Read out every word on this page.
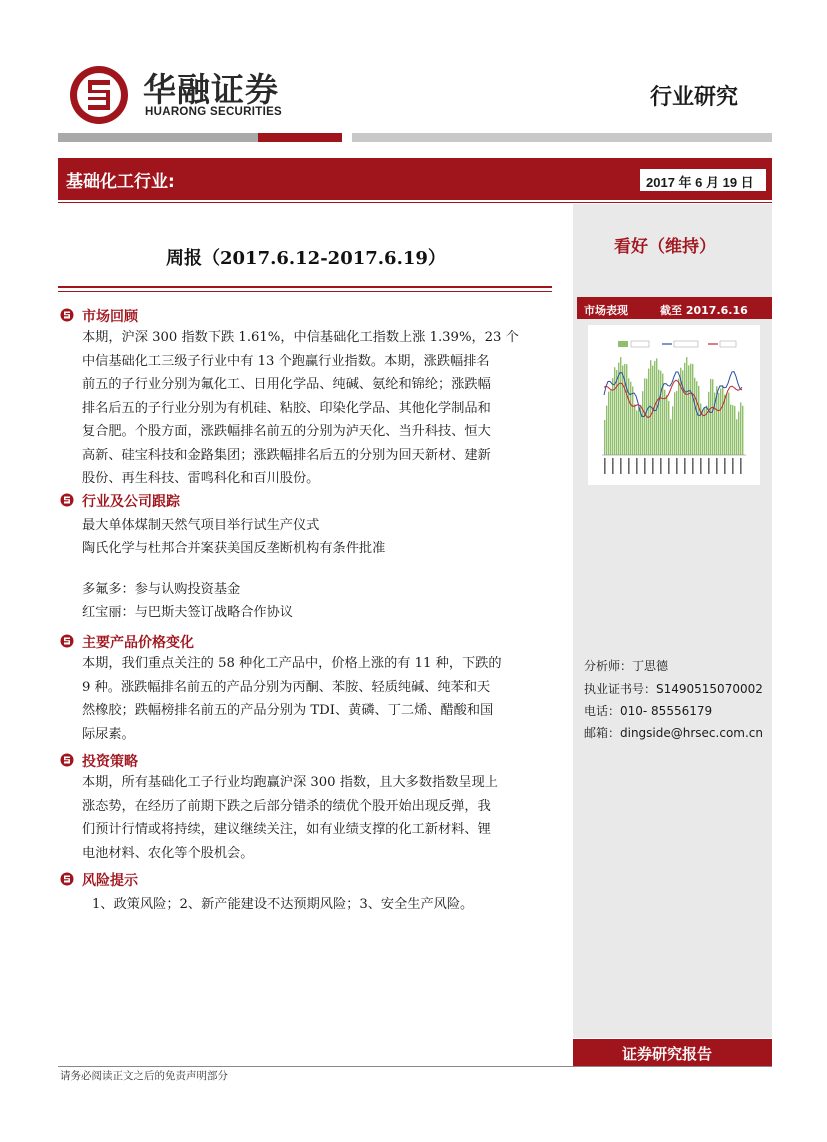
华融证券
HUARONG SECURITIES
行业研究
基础化工行业:	2017 年 6 月 19 日
看好（维持）
市场表现	截至 2017.6.16
分析师：丁思德
执业证书号：S1490515070002
电话：010- 85556179
邮箱：dingside@hrsec.com.cn
证券研究报告
周报（2017.6.12-2017.6.19）
市场回顾
本期，沪深 300 指数下跌 1.61%，中信基础化工指数上涨 1.39%，23 个
中信基础化工三级子行业中有 13 个跑赢行业指数。本期，涨跌幅排名
前五的子行业分别为氟化工、日用化学品、纯碱、氨纶和锦纶；涨跌幅
排名后五的子行业分别为有机硅、粘胶、印染化学品、其他化学制品和
复合肥。个股方面，涨跌幅排名前五的分别为泸天化、当升科技、恒大
高新、硅宝科技和金路集团；涨跌幅排名后五的分别为回天新材、建新
股份、再生科技、雷鸣科化和百川股份。
行业及公司跟踪
最大单体煤制天然气项目举行试生产仪式
陶氏化学与杜邦合并案获美国反垄断机构有条件批准
多氟多：参与认购投资基金
红宝丽：与巴斯夫签订战略合作协议
主要产品价格变化
本期，我们重点关注的 58 种化工产品中，价格上涨的有 11 种，下跌的
9 种。涨跌幅排名前五的产品分别为丙酮、苯胺、轻质纯碱、纯苯和天
然橡胶；跌幅榜排名前五的产品分别为 TDI、黄磷、丁二烯、醋酸和国
际尿素。
投资策略
本期，所有基础化工子行业均跑赢沪深 300 指数，且大多数指数呈现上
涨态势，在经历了前期下跌之后部分错杀的绩优个股开始出现反弹，我
们预计行情或将持续，建议继续关注，如有业绩支撑的化工新材料、锂
电池材料、农化等个股机会。
风险提示
1、政策风险；2、新产能建设不达预期风险；3、安全生产风险。
请务必阅读正文之后的免责声明部分
